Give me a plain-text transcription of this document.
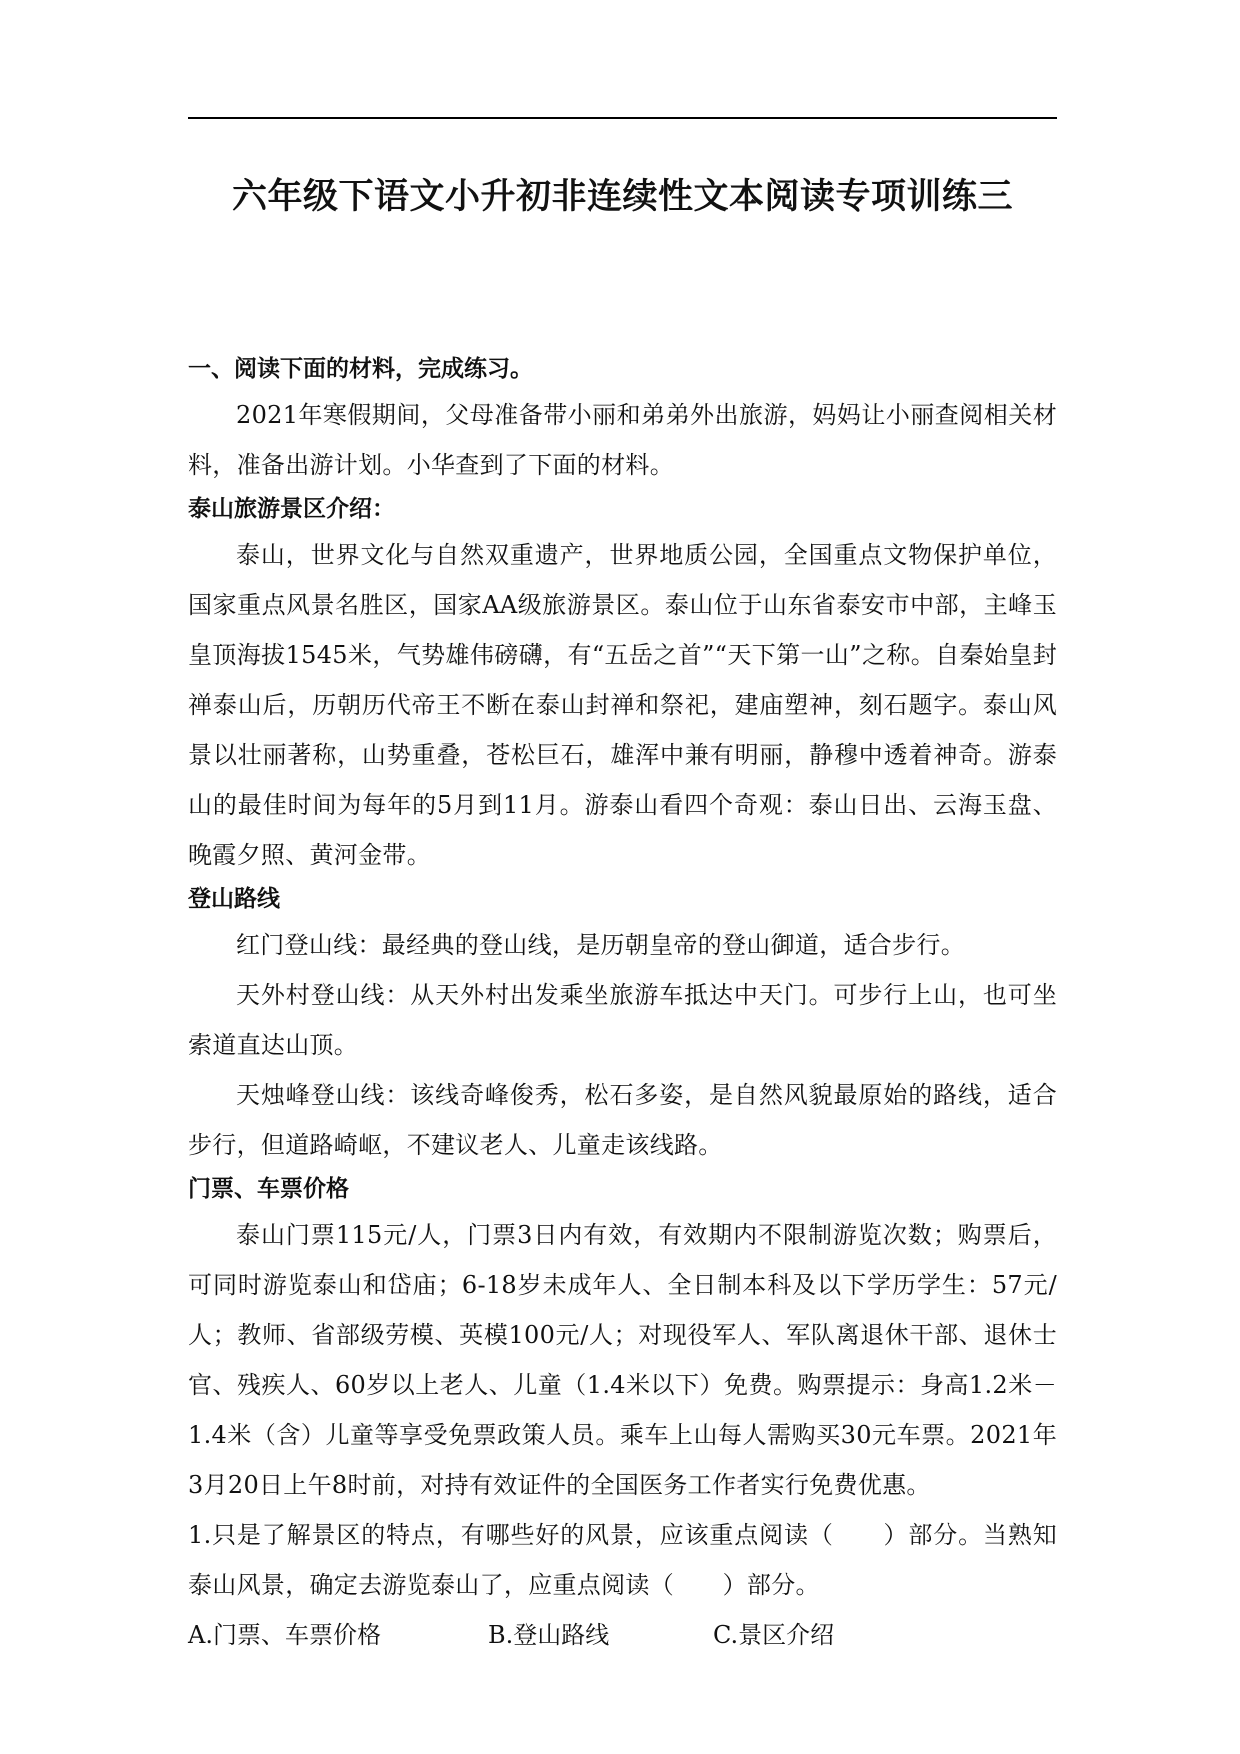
六年级下语文小升初非连续性文本阅读专项训练三
一、阅读下面的材料，完成练习。

2021年寒假期间，父母准备带小丽和弟弟外出旅游，妈妈让小丽查阅相关材料，准备出游计划。小华查到了下面的材料。

泰山旅游景区介绍：

泰山，世界文化与自然双重遗产，世界地质公园，全国重点文物保护单位，国家重点风景名胜区，国家AA级旅游景区。泰山位于山东省泰安市中部，主峰玉皇顶海拔1545米，气势雄伟磅礴，有“五岳之首”“天下第一山”之称。自秦始皇封禅泰山后，历朝历代帝王不断在泰山封禅和祭祀，建庙塑神，刻石题字。泰山风景以壮丽著称，山势重叠，苍松巨石，雄浑中兼有明丽，静穆中透着神奇。游泰山的最佳时间为每年的5月到11月。游泰山看四个奇观：泰山日出、云海玉盘、晚霞夕照、黄河金带。

登山路线

红门登山线：最经典的登山线，是历朝皇帝的登山御道，适合步行。

天外村登山线：从天外村出发乘坐旅游车抵达中天门。可步行上山，也可坐索道直达山顶。

天烛峰登山线：该线奇峰俊秀，松石多姿，是自然风貌最原始的路线，适合步行，但道路崎岖，不建议老人、儿童走该线路。

门票、车票价格

泰山门票115元/人，门票3日内有效，有效期内不限制游览次数；购票后，可同时游览泰山和岱庙；6-18岁未成年人、全日制本科及以下学历学生：57元/人；教师、省部级劳模、英模100元/人；对现役军人、军队离退休干部、退休士官、残疾人、60岁以上老人、儿童（1.4米以下）免费。购票提示：身高1.2米－1.4米（含）儿童等享受免票政策人员。乘车上山每人需购买30元车票。2021年3月20日上午8时前，对持有效证件的全国医务工作者实行免费优惠。

1.只是了解景区的特点，有哪些好的风景，应该重点阅读（　　）部分。当熟知泰山风景，确定去游览泰山了，应重点阅读（　　）部分。

A.门票、车票价格	B.登山路线	C.景区介绍
